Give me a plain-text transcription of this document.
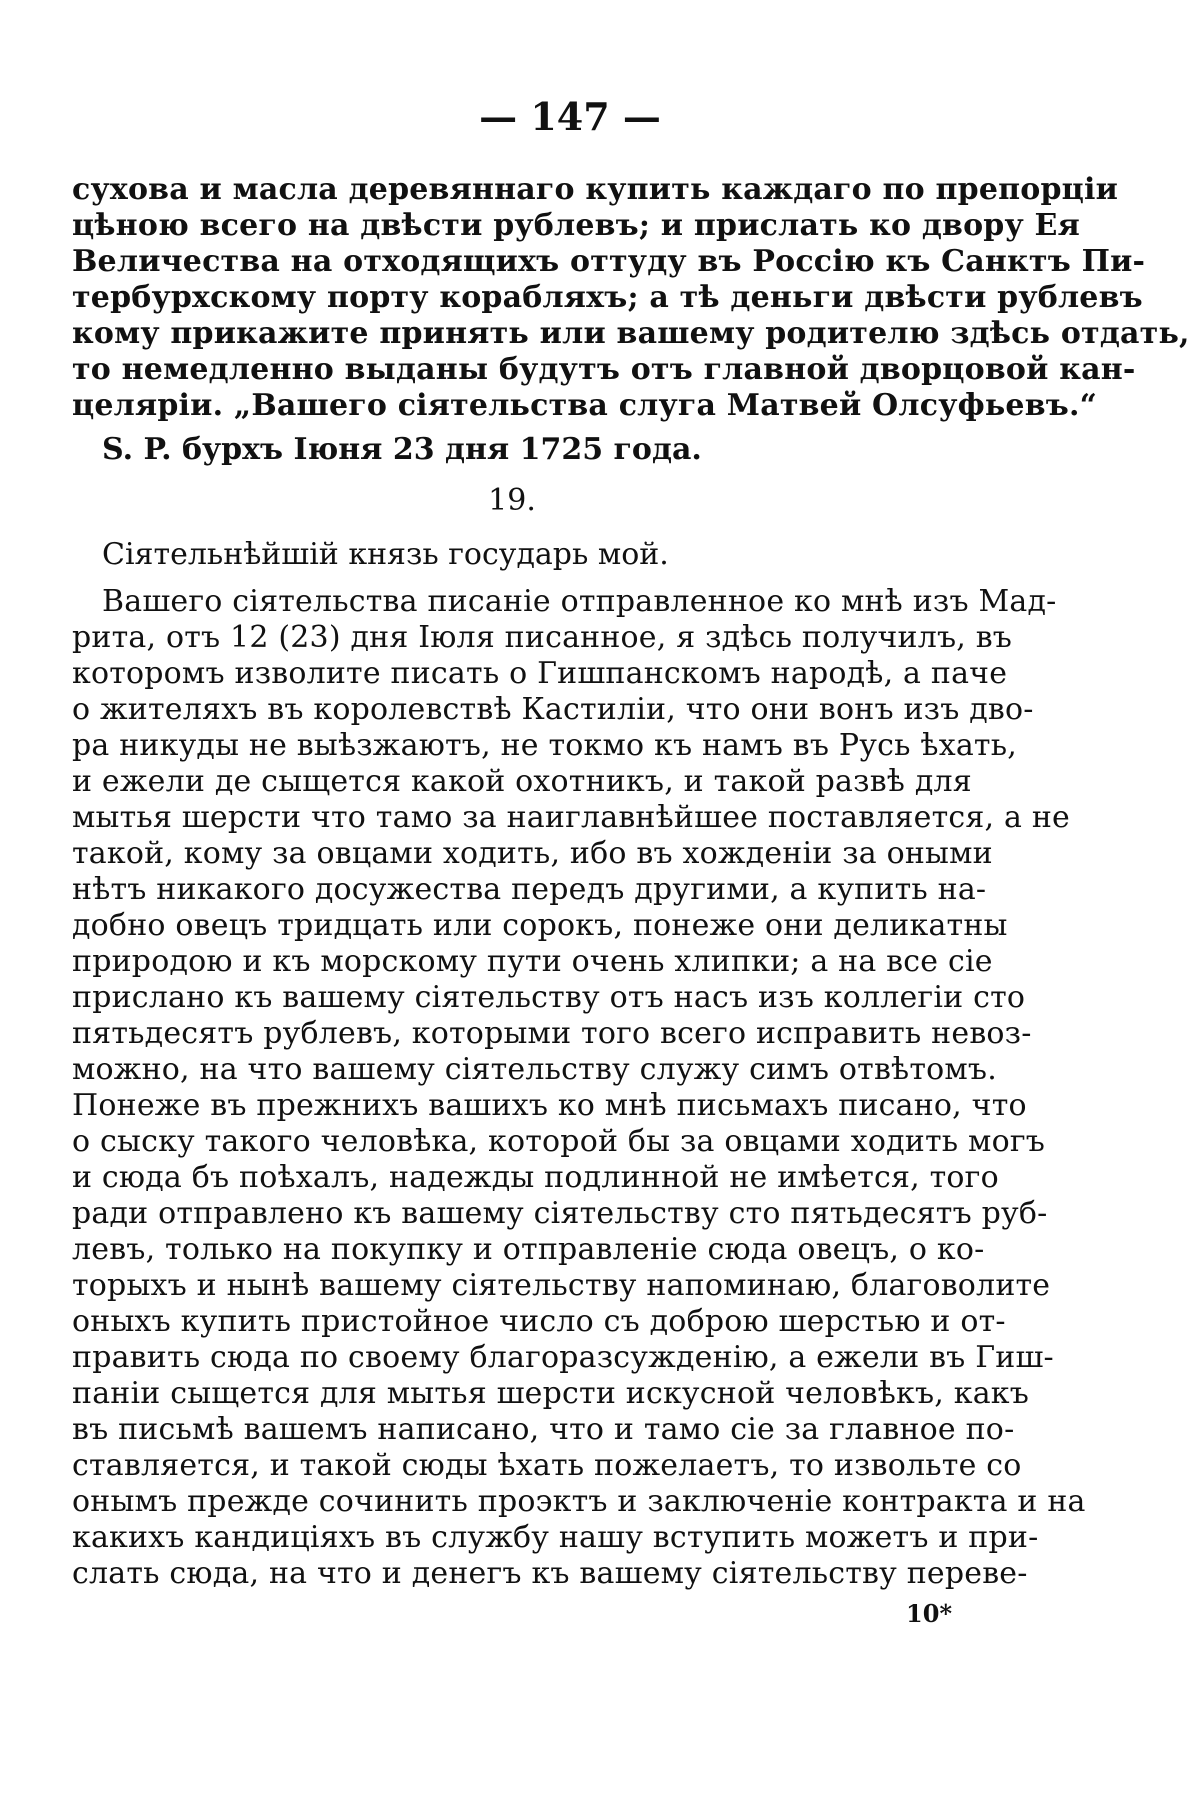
— 147 —
сухова и масла деревяннаго купить каждаго по препорціи
цѣною всего на двѣсти рублевъ; и прислать ко двору Ея
Величества на отходящихъ оттуду въ Россію къ Санктъ Пи-
тербурхскому порту корабляхъ; а тѣ деньги двѣсти рублевъ
кому прикажите принять или вашему родителю здѣсь отдать,
то немедленно выданы будутъ отъ главной дворцовой кан-
целяріи. „Вашего сіятельства слуга Матвей Олсуфьевъ.“
S. P. бурхъ Іюня 23 дня 1725 года.
19.
Сіятельнѣйшій князь государь мой.
Вашего сіятельства писаніе отправленное ко мнѣ изъ Мад-
рита, отъ 12 (23) дня Іюля писанное, я здѣсь получилъ, въ
которомъ изволите писать о Гишпанскомъ народѣ, а паче
о жителяхъ въ королевствѣ Кастиліи, что они вонъ изъ дво-
ра никуды не выѣзжаютъ, не токмо къ намъ въ Русь ѣхать,
и ежели де сыщется какой охотникъ, и такой развѣ для
мытья шерсти что тамо за наиглавнѣйшее поставляется, а не
такой, кому за овцами ходить, ибо въ хожденіи за оными
нѣтъ никакого досужества передъ другими, а купить на-
добно овецъ тридцать или сорокъ, понеже они деликатны
природою и къ морскому пути очень хлипки; а на все сіе
прислано къ вашему сіятельству отъ насъ изъ коллегіи сто
пятьдесятъ рублевъ, которыми того всего исправить невоз-
можно, на что вашему сіятельству служу симъ отвѣтомъ.
Понеже въ прежнихъ вашихъ ко мнѣ письмахъ писано, что
о сыску такого человѣка, которой бы за овцами ходить могъ
и сюда бъ поѣхалъ, надежды подлинной не имѣется, того
ради отправлено къ вашему сіятельству сто пятьдесятъ руб-
левъ, только на покупку и отправленіе сюда овецъ, о ко-
торыхъ и нынѣ вашему сіятельству напоминаю, благоволите
оныхъ купить пристойное число съ доброю шерстью и от-
править сюда по своему благоразсужденію, а ежели въ Гиш-
паніи сыщется для мытья шерсти искусной человѣкъ, какъ
въ письмѣ вашемъ написано, что и тамо сіе за главное по-
ставляется, и такой сюды ѣхать пожелаетъ, то извольте со
онымъ прежде сочинить проэктъ и заключеніе контракта и на
какихъ кандиціяхъ въ службу нашу вступить можетъ и при-
слать сюда, на что и денегъ къ вашему сіятельству переве-
10*
